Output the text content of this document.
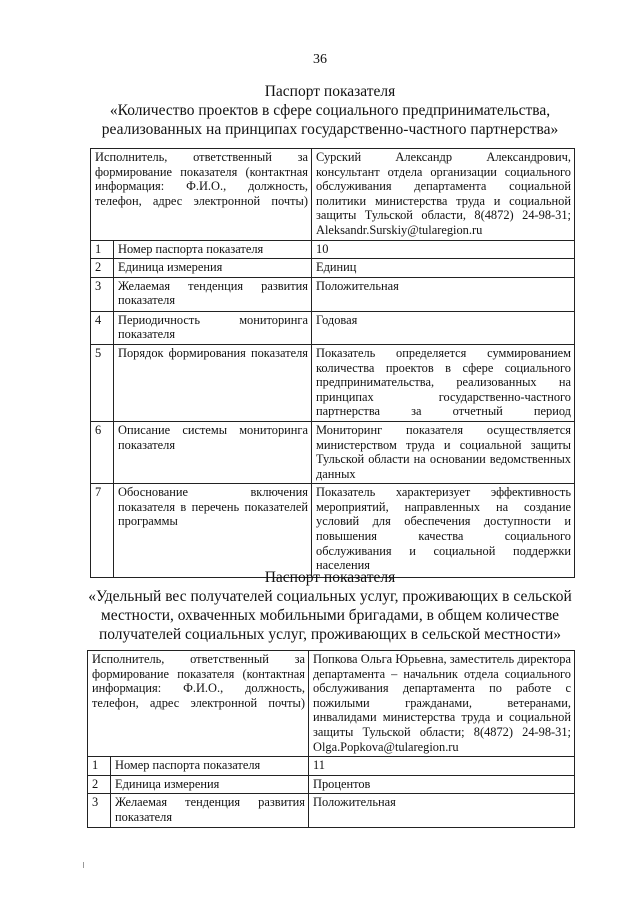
36
Паспорт показателя
«Количество проектов в сфере социального предпринимательства, реализованных на принципах государственно-частного партнерства»
Исполнитель, ответственный за формирование показателя (контактная информация: Ф.И.О., должность, телефон, адрес электронной почты)		Сурский Александр Александрович, консультант отдела организации социального обслуживания департамента социальной политики министерства труда и социальной защиты Тульской области, 8(4872) 24-98-31; Aleksandr.Surskiy@tularegion.ru
1	Номер паспорта показателя	10
2	Единица измерения	Единиц
3	Желаемая тенденция развития показателя	Положительная
4	Периодичность мониторинга показателя	Годовая
5	Порядок формирования показателя	Показатель определяется суммированием количества проектов в сфере социального предпринимательства, реализованных на принципах государственно-частного партнерства за отчетный период
6	Описание системы мониторинга показателя	Мониторинг показателя осуществляется министерством труда и социальной защиты Тульской области на основании ведомственных данных
7	Обоснование включения показателя в перечень показателей программы	Показатель характеризует эффективность мероприятий, направленных на создание условий для обеспечения доступности и повышения качества социального обслуживания и социальной поддержки населения
Паспорт показателя
«Удельный вес получателей социальных услуг, проживающих в сельской местности, охваченных мобильными бригадами, в общем количестве получателей социальных услуг, проживающих в сельской местности»
Исполнитель, ответственный за формирование показателя (контактная информация: Ф.И.О., должность, телефон, адрес электронной почты)		Попкова Ольга Юрьевна, заместитель директора департамента – начальник отдела социального обслуживания департамента по работе с пожилыми гражданами, ветеранами, инвалидами министерства труда и социальной защиты Тульской области; 8(4872) 24-98-31; Olga.Popkova@tularegion.ru
1	Номер паспорта показателя	11
2	Единица измерения	Процентов
3	Желаемая тенденция развития показателя	Положительная
